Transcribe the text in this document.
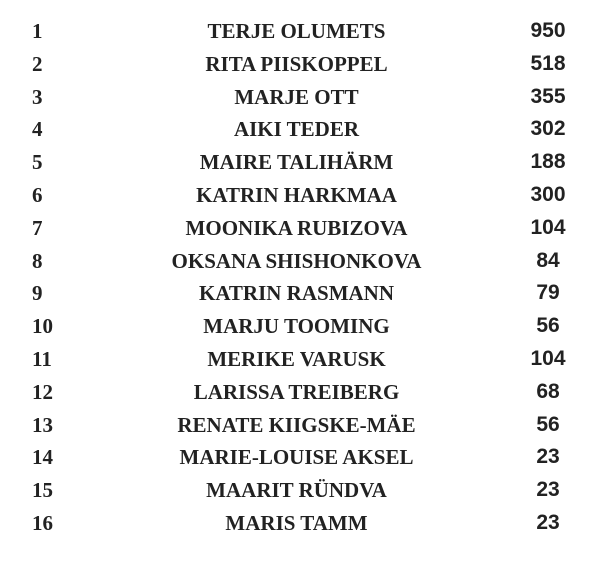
1	TERJE OLUMETS	950
2	RITA PIISKOPPEL	518
3	MARJE OTT	355
4	AIKI TEDER	302
5	MAIRE TALIHÄRM	188
6	KATRIN HARKMAA	300
7	MOONIKA RUBIZOVA	104
8	OKSANA SHISHONKOVA	84
9	KATRIN RASMANN	79
10	MARJU TOOMING	56
11	MERIKE VARUSK	104
12	LARISSA TREIBERG	68
13	RENATE KIIGSKE-MÄE	56
14	MARIE-LOUISE AKSEL	23
15	MAARIT RÜNDVA	23
16	MARIS TAMM	23
